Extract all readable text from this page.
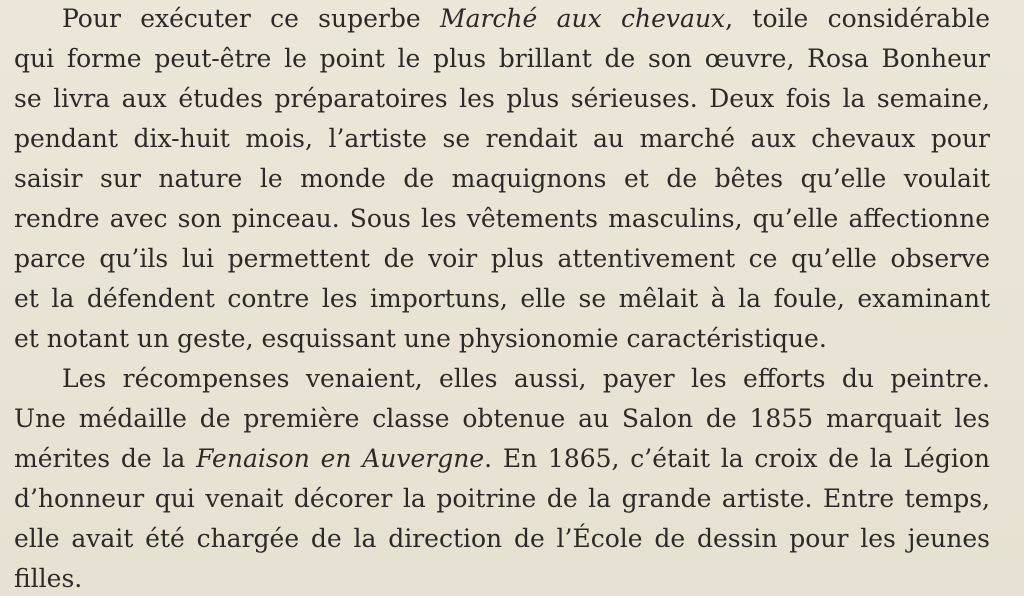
Pour exécuter ce superbe Marché aux chevaux, toile considérable
qui forme peut-être le point le plus brillant de son œuvre, Rosa Bonheur
se livra aux études préparatoires les plus sérieuses. Deux fois la semaine,
pendant dix-huit mois, l’artiste se rendait au marché aux chevaux pour
saisir sur nature le monde de maquignons et de bêtes qu’elle voulait
rendre avec son pinceau. Sous les vêtements masculins, qu’elle affectionne
parce qu’ils lui permettent de voir plus attentivement ce qu’elle observe
et la défendent contre les importuns, elle se mêlait à la foule, examinant
et notant un geste, esquissant une physionomie caractéristique.
Les récompenses venaient, elles aussi, payer les efforts du peintre.
Une médaille de première classe obtenue au Salon de 1855 marquait les
mérites de la Fenaison en Auvergne. En 1865, c’était la croix de la Légion
d’honneur qui venait décorer la poitrine de la grande artiste. Entre temps,
elle avait été chargée de la direction de l’École de dessin pour les jeunes
filles.
